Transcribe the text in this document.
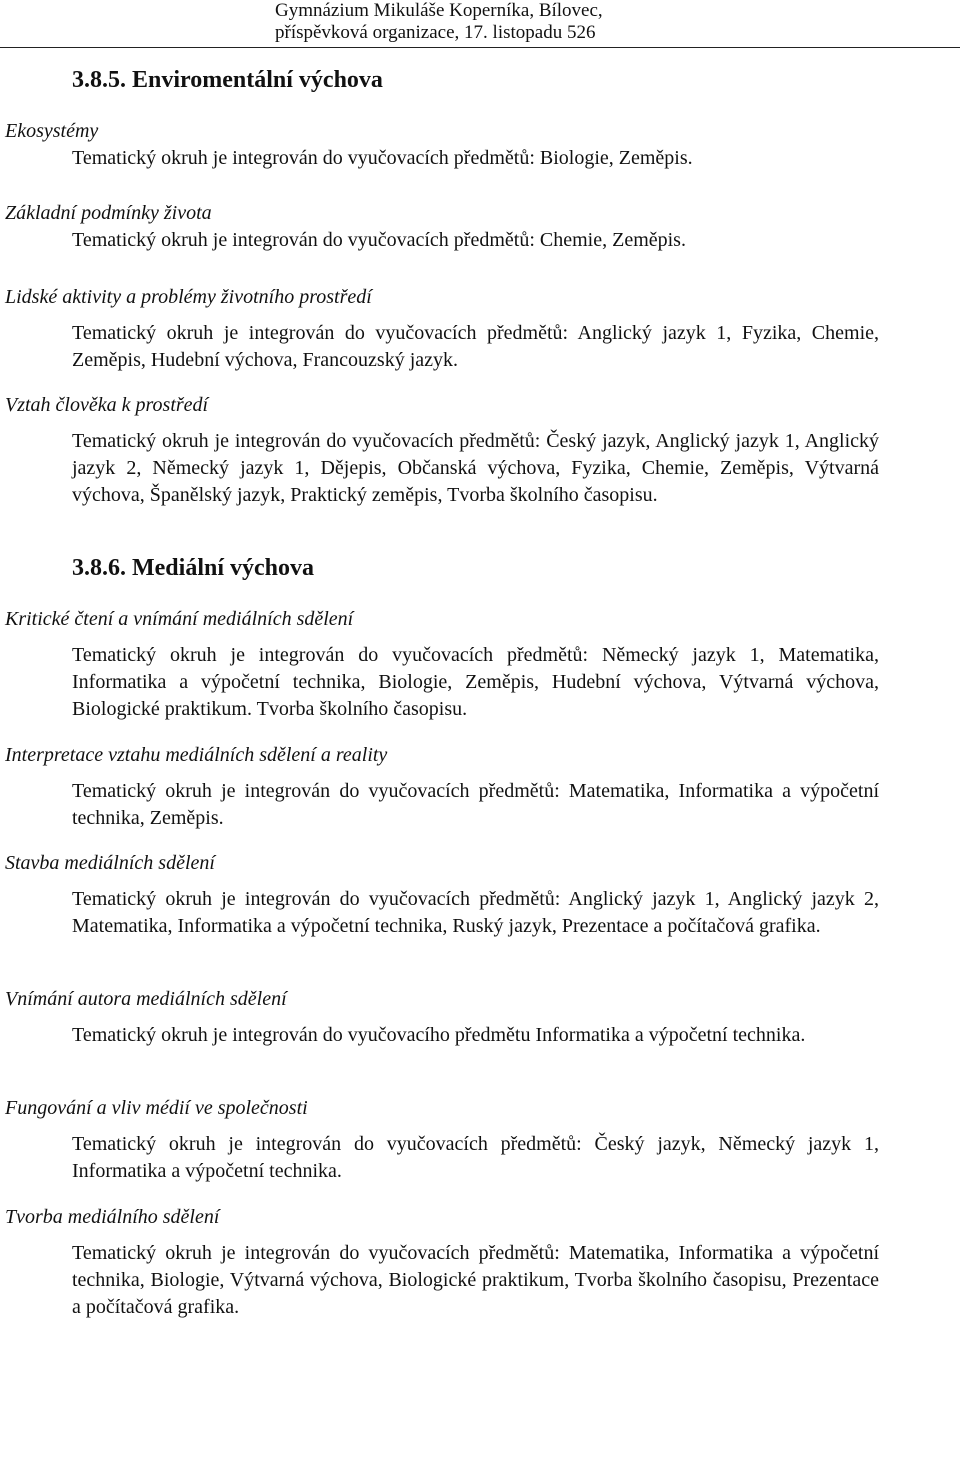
Gymnázium Mikuláše Koperníka, Bílovec,
příspěvková organizace, 17. listopadu 526
3.8.5. Enviromentální výchova

Ekosystémy

Tematický okruh je integrován do vyučovacích předmětů: Biologie, Zeměpis.

Základní podmínky života

Tematický okruh je integrován do vyučovacích předmětů: Chemie, Zeměpis.

Lidské aktivity a problémy životního prostředí

Tematický okruh je integrován do vyučovacích předmětů: Anglický jazyk 1, Fyzika, Chemie, Zeměpis, Hudební výchova, Francouzský jazyk.

Vztah člověka k prostředí

Tematický okruh je integrován do vyučovacích předmětů: Český jazyk, Anglický jazyk 1, Anglický jazyk 2, Německý jazyk 1, Dějepis, Občanská výchova, Fyzika, Chemie, Zeměpis, Výtvarná výchova, Španělský jazyk, Praktický zeměpis, Tvorba školního časopisu.

3.8.6. Mediální výchova

Kritické čtení a vnímání mediálních sdělení

Tematický okruh je integrován do vyučovacích předmětů: Německý jazyk 1, Matematika, Informatika a výpočetní technika, Biologie, Zeměpis, Hudební výchova, Výtvarná výchova, Biologické praktikum. Tvorba školního časopisu.

Interpretace vztahu mediálních sdělení a reality

Tematický okruh je integrován do vyučovacích předmětů: Matematika, Informatika a výpočetní technika, Zeměpis.

Stavba mediálních sdělení

Tematický okruh je integrován do vyučovacích předmětů: Anglický jazyk 1, Anglický jazyk 2, Matematika, Informatika a výpočetní technika, Ruský jazyk, Prezentace a počítačová grafika.

Vnímání autora mediálních sdělení

Tematický okruh je integrován do vyučovacího předmětu Informatika a výpočetní technika.

Fungování a vliv médií ve společnosti

Tematický okruh je integrován do vyučovacích předmětů: Český jazyk, Německý jazyk 1, Informatika a výpočetní technika.

Tvorba mediálního sdělení

Tematický okruh je integrován do vyučovacích předmětů: Matematika, Informatika a výpočetní technika, Biologie, Výtvarná výchova, Biologické praktikum, Tvorba školního časopisu, Prezentace a počítačová grafika.
